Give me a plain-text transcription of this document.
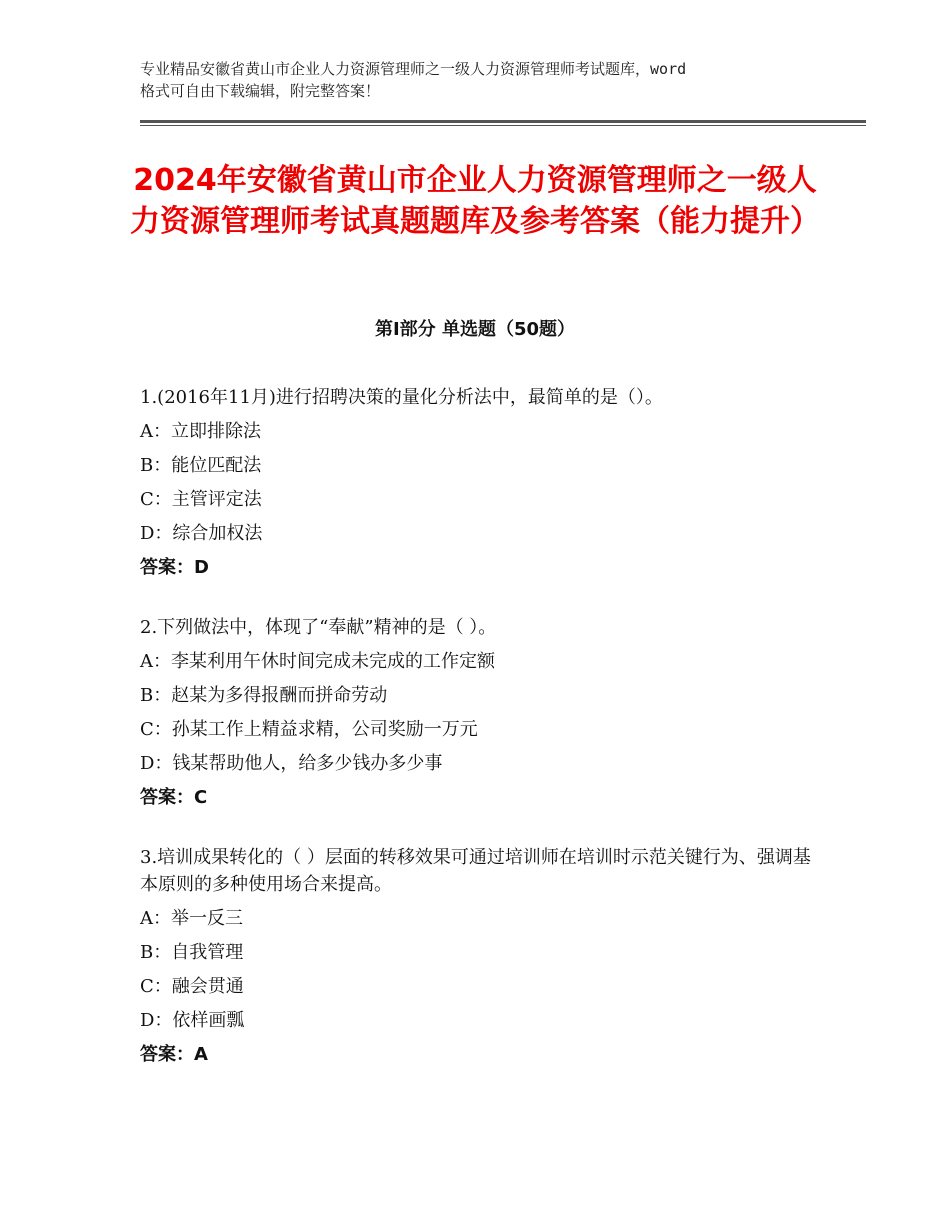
专业精品安徽省黄山市企业人力资源管理师之一级人力资源管理师考试题库，word

格式可自由下载编辑，附完整答案！

2024年安徽省黄山市企业人力资源管理师之一级人力资源管理师考试真题题库及参考答案（能力提升）
第Ⅰ部分 单选题（50题）

1.(2016年11月)进行招聘决策的量化分析法中，最简单的是（）。

A：立即排除法

B：能位匹配法

C：主管评定法

D：综合加权法

答案：D

2.下列做法中，体现了“奉献”精神的是（ ）。

A：李某利用午休时间完成未完成的工作定额

B：赵某为多得报酬而拼命劳动

C：孙某工作上精益求精，公司奖励一万元

D：钱某帮助他人，给多少钱办多少事

答案：C

3.培训成果转化的（ ）层面的转移效果可通过培训师在培训时示范关键行为、强调基本原则的多种使用场合来提高。

A：举一反三

B：自我管理

C：融会贯通

D：依样画瓢

答案：A
